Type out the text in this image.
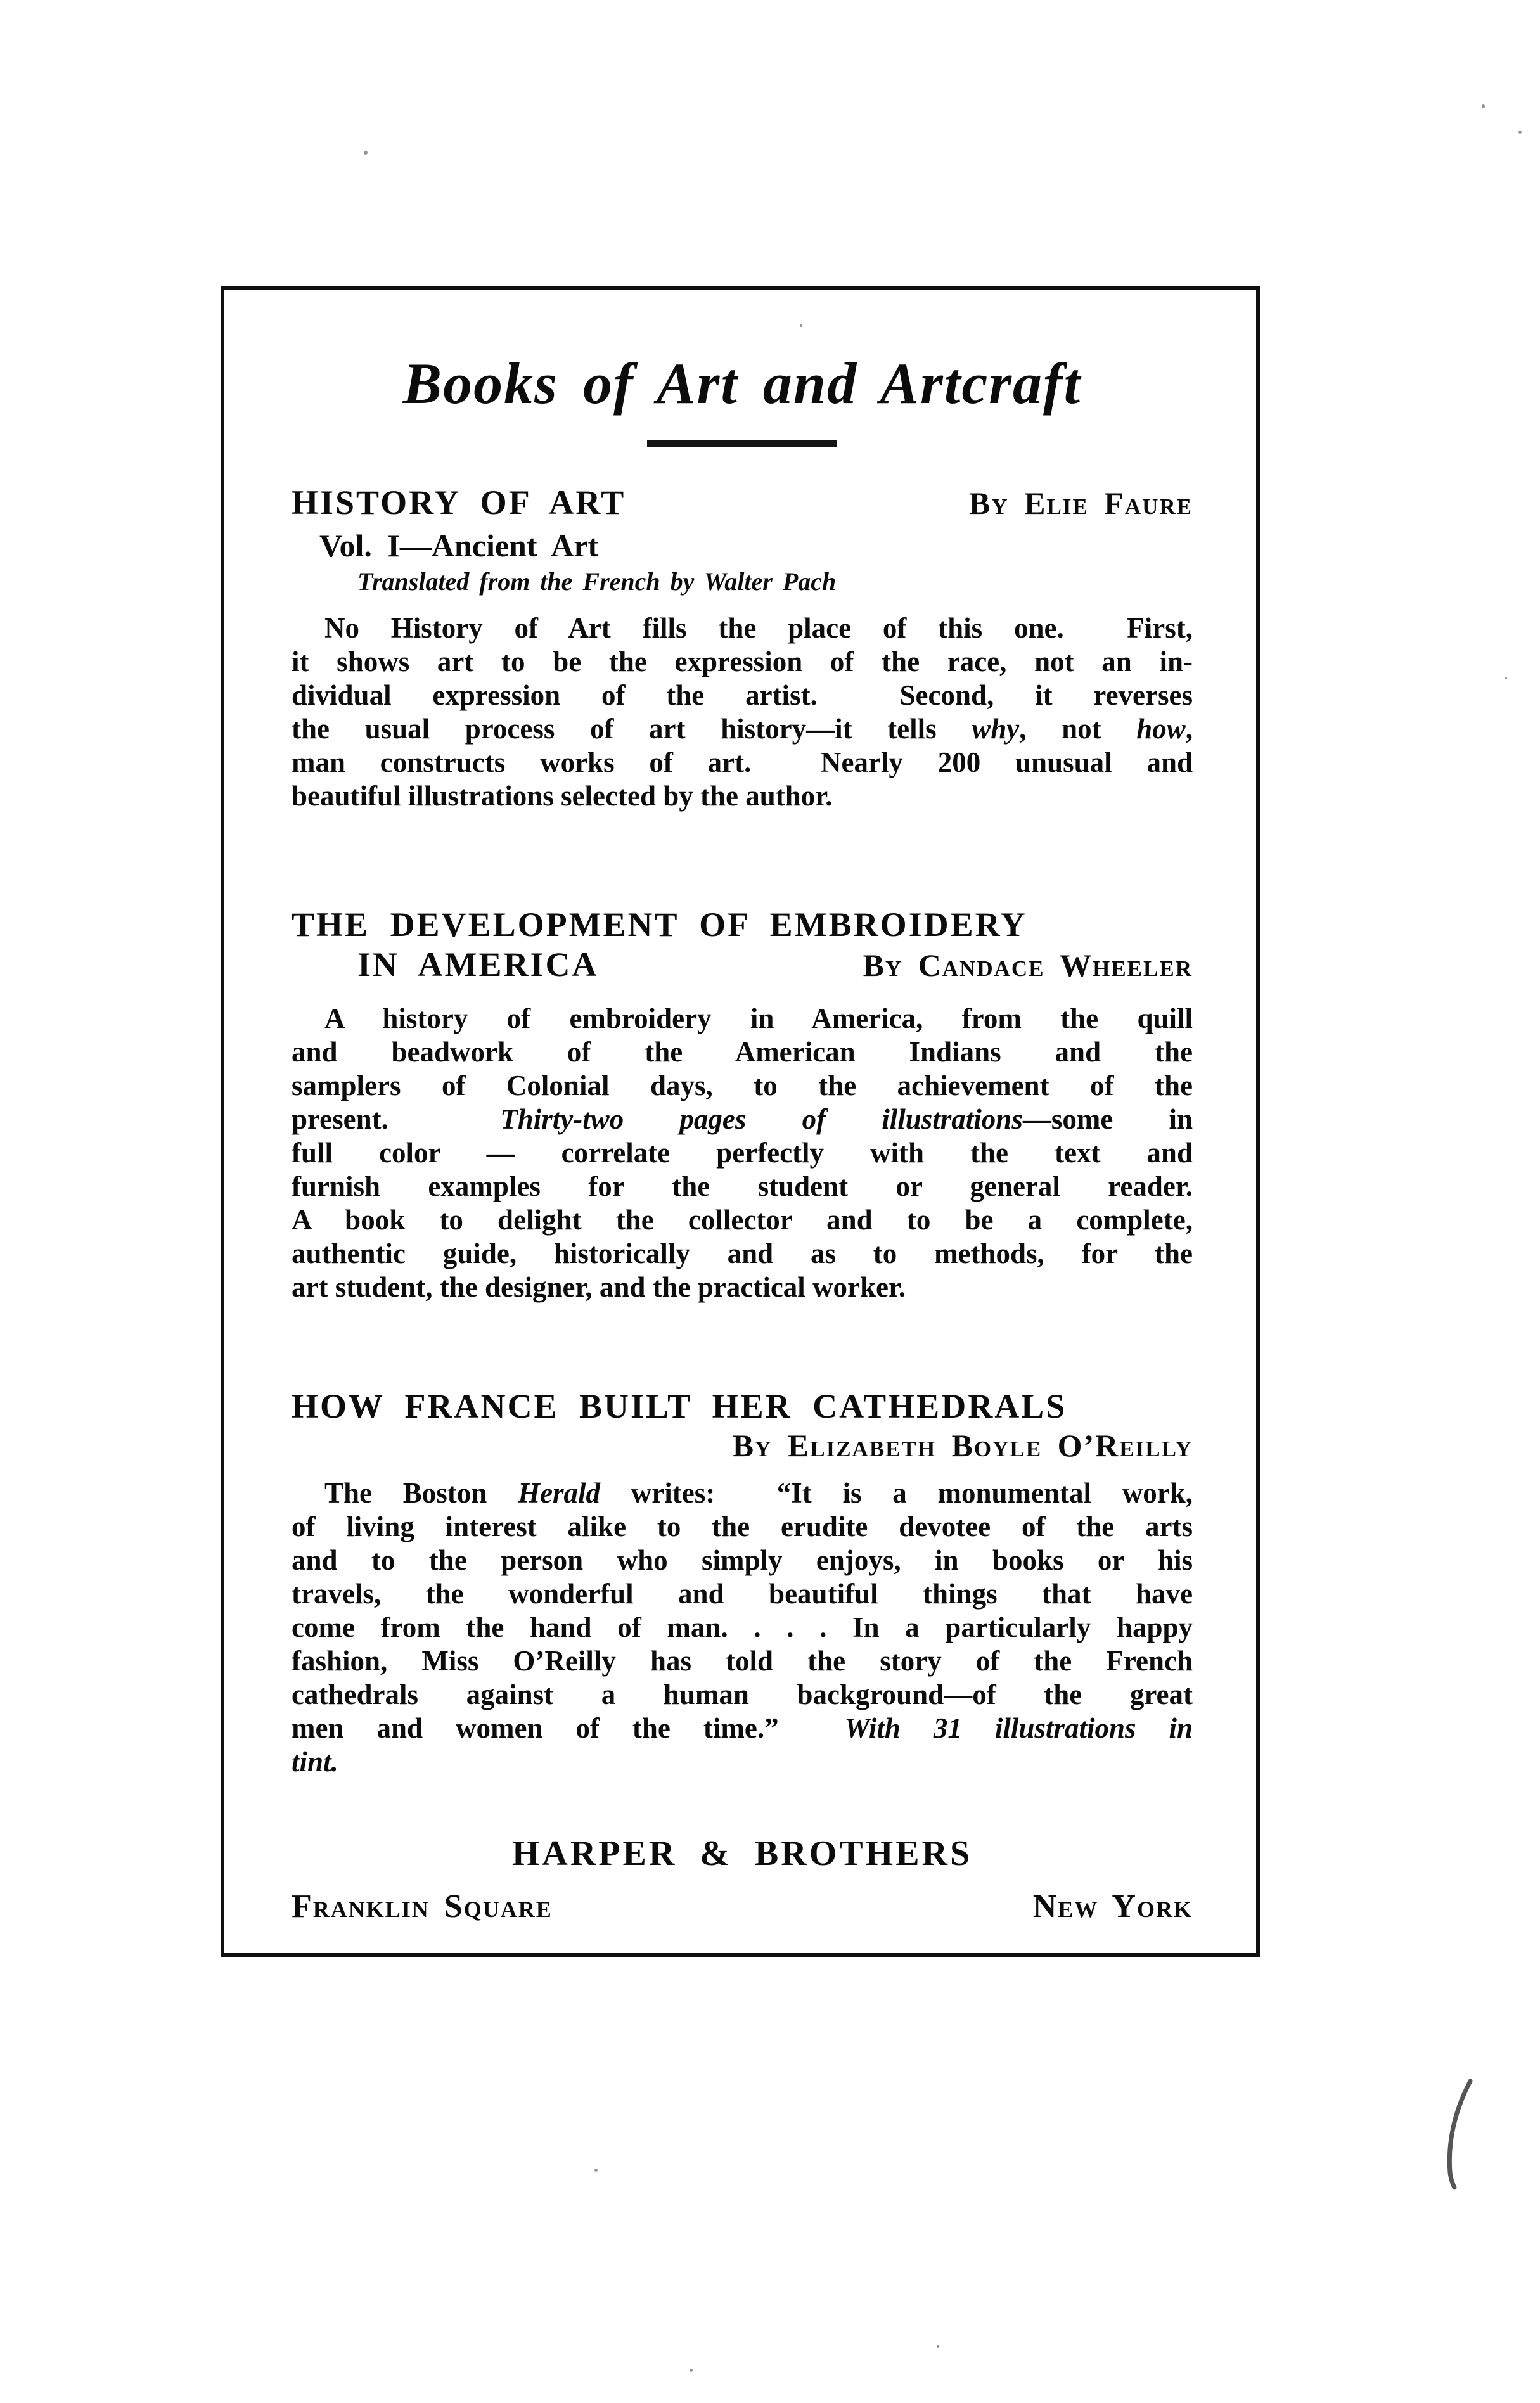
Books of Art and Artcraft
HISTORY OF ART	By Elie Faure
Vol. I—Ancient Art
Translated from the French by Walter Pach
No History of Art fills the place of this one.  First,
it shows art to be the expression of the race, not an in-
dividual expression of the artist.  Second, it reverses
the usual process of art history—it tells why, not how,
man constructs works of art.  Nearly 200 unusual and
beautiful illustrations selected by the author.
THE DEVELOPMENT OF EMBROIDERY
IN AMERICA	By Candace Wheeler
A history of embroidery in America, from the quill
and beadwork of the American Indians and the
samplers of Colonial days, to the achievement of the
present.  Thirty-two pages of illustrations—some in
full color — correlate perfectly with the text and
furnish examples for the student or general reader.
A book to delight the collector and to be a complete,
authentic guide, historically and as to methods, for the
art student, the designer, and the practical worker.
HOW FRANCE BUILT HER CATHEDRALS
By Elizabeth Boyle O’Reilly
The Boston Herald writes:  “It is a monumental work,
of living interest alike to the erudite devotee of the arts
and to the person who simply enjoys, in books or his
travels, the wonderful and beautiful things that have
come from the hand of man. . . . In a particularly happy
fashion, Miss O’Reilly has told the story of the French
cathedrals against a human background—of the great
men and women of the time.”  With 31 illustrations in
tint.
HARPER & BROTHERS
Franklin Square	New York
